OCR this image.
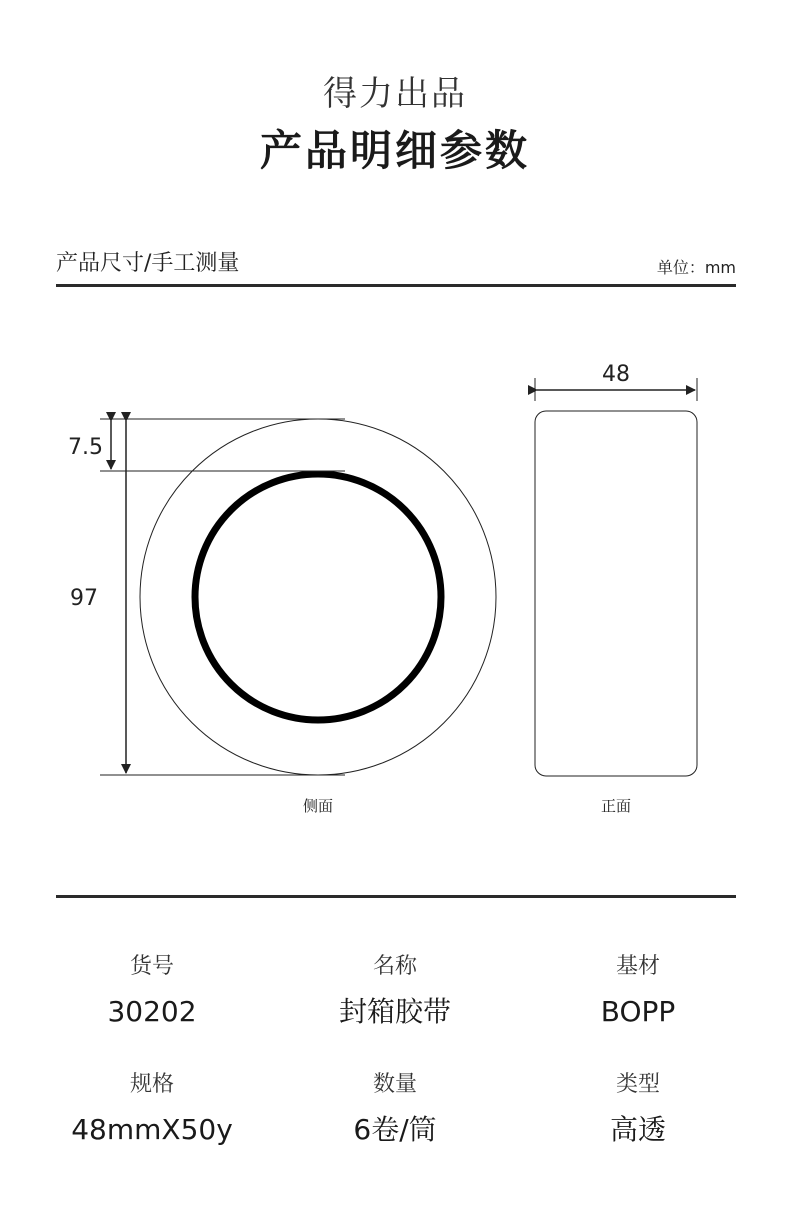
得力出品
产品明细参数
产品尺寸/手工测量	单位：mm
7.5
97
侧面
48
正面
货号
30202
名称
封箱胶带
基材
BOPP
规格
48mmX50y
数量
6卷/筒
类型
高透
